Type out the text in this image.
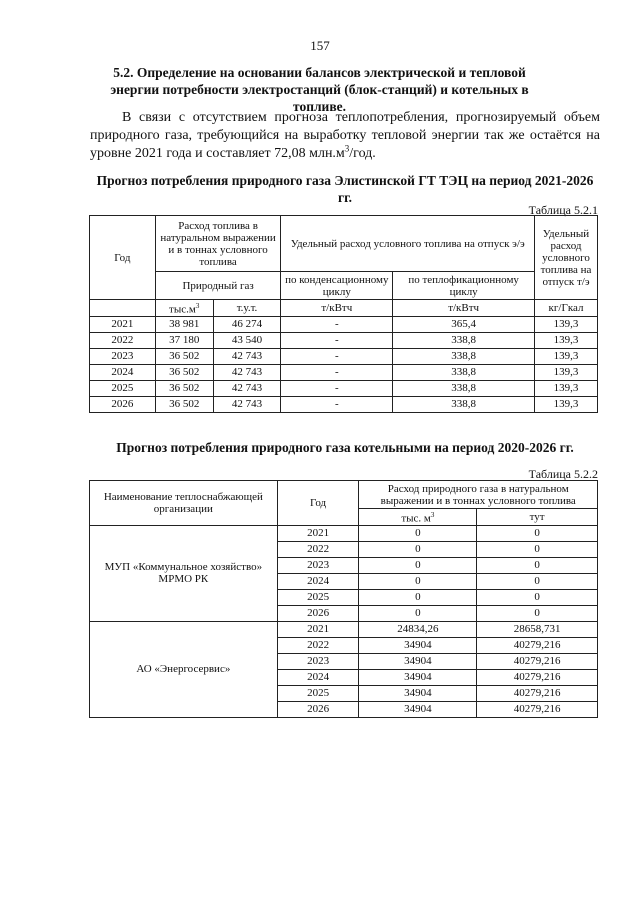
157
5.2. Определение на основании балансов электрической и тепловой энергии потребности электростанций (блок-станций) и котельных в топливе.
В связи с отсутствием прогноза теплопотребления, прогнозируемый объем природного газа, требующийся на выработку тепловой энергии так же остаётся на уровне 2021 года и составляет 72,08 $млн.м^3$/год.
Прогноз потребления природного газа Элистинской ГТ ТЭЦ на период 2021-2026 гг.
Таблица 5.2.1
Год	Расход топлива в натуральном выражении и в тоннах условного топлива		Удельный расход условного топлива на отпуск э/э		Удельный расход условного топлива на отпуск т/э
	Природный газ		по конденсационному циклу	по теплофикационному циклу	
	$тыс.м^3$	т.у.т.	т/кВтч	т/кВтч	кг/Гкал
2021	38 981	46 274	-	365,4	139,3
2022	37 180	43 540	-	338,8	139,3
2023	36 502	42 743	-	338,8	139,3
2024	36 502	42 743	-	338,8	139,3
2025	36 502	42 743	-	338,8	139,3
2026	36 502	42 743	-	338,8	139,3
Прогноз потребления природного газа котельными на период 2020-2026 гг.
Таблица 5.2.2
Наименование теплоснабжающей организации	Год	Расход природного газа в натуральном выражении и в тоннах условного топлива	
		тыс. $м^3$	тут
МУП «Коммунальное хозяйство» МРМО РК	2021	0	0
	2022	0	0
	2023	0	0
	2024	0	0
	2025	0	0
	2026	0	0
АО «Энергосервис»	2021	24834,26	28658,731
	2022	34904	40279,216
	2023	34904	40279,216
	2024	34904	40279,216
	2025	34904	40279,216
	2026	34904	40279,216
